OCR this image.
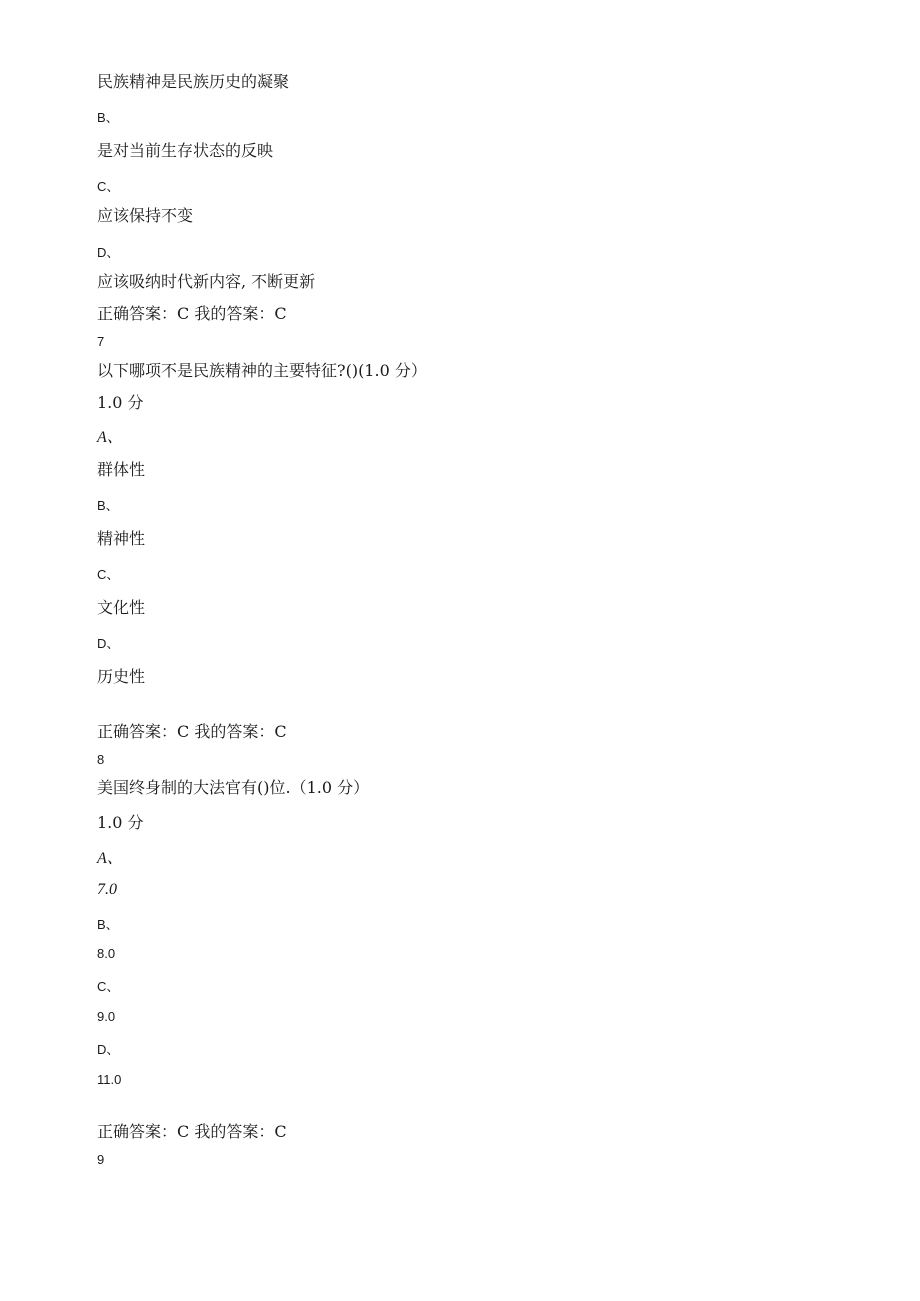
民族精神是民族历史的凝聚
B、
是对当前生存状态的反映
C、
应该保持不变
D、
应该吸纳时代新内容, 不断更新
正确答案：C 我的答案：C
7
以下哪项不是民族精神的主要特征?()(1.0 分）
1.0 分
A、
群体性
B、
精神性
C、
文化性
D、
历史性
正确答案：C 我的答案：C
8
美国终身制的大法官有()位.（1.0 分）
1.0 分
A、
7.0
B、
8.0
C、
9.0
D、
11.0
正确答案：C 我的答案：C
9
